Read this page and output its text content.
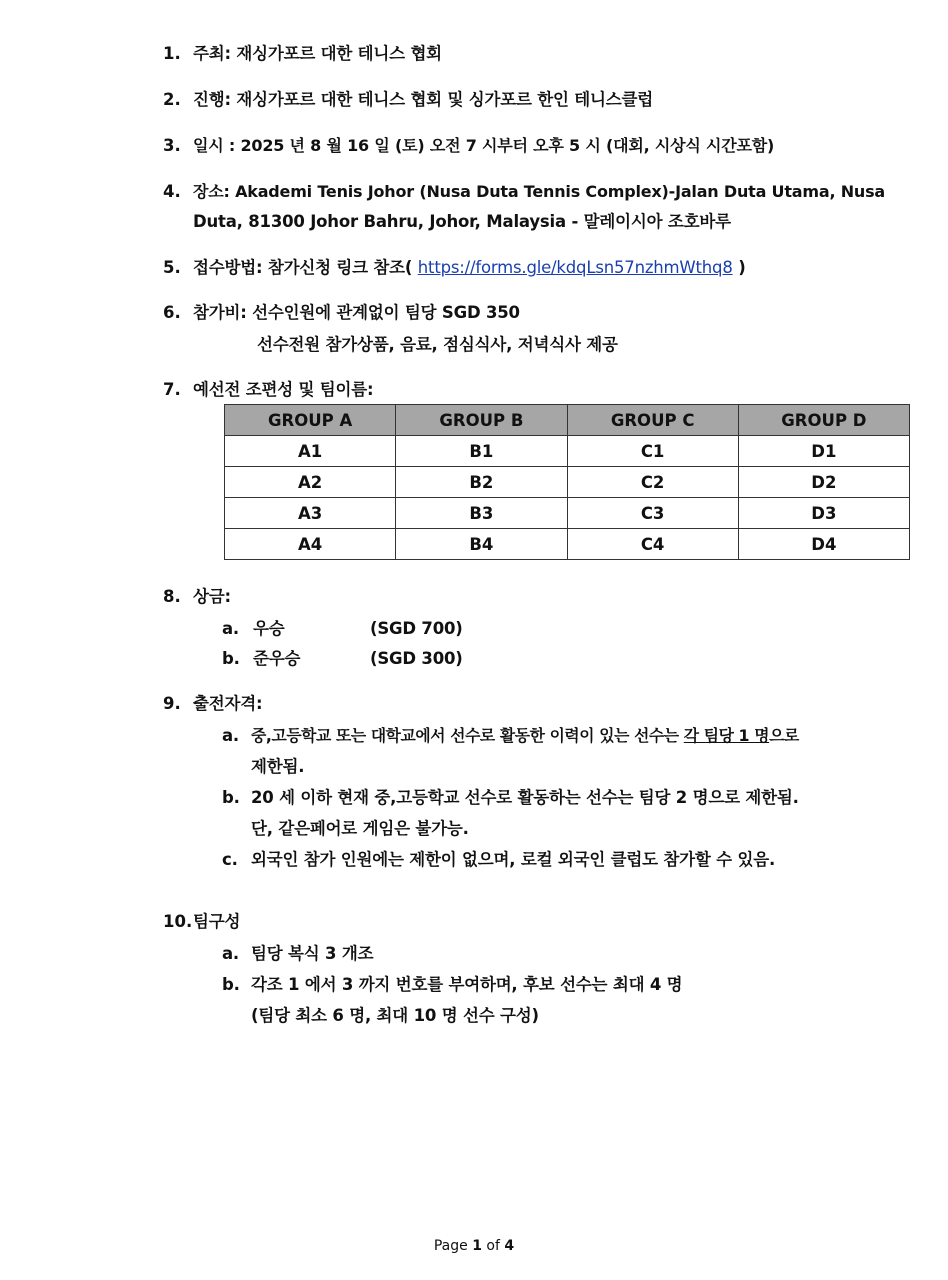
1. 주최: 재싱가포르 대한 테니스 협회
2. 진행: 재싱가포르 대한 테니스 협회 및 싱가포르 한인 테니스클럽
3. 일시 : 2025 년 8 월 16 일 (토) 오전 7 시부터 오후 5 시 (대회, 시상식 시간포함)
4. 장소: Akademi Tenis Johor (Nusa Duta Tennis Complex)-Jalan Duta Utama, Nusa
Duta, 81300 Johor Bahru, Johor, Malaysia - 말레이시아 조호바루
5. 접수방법: 참가신청 링크 참조( https://forms.gle/kdqLsn57nzhmWthq8 )
6. 참가비: 선수인원에 관계없이 팀당 SGD 350
선수전원 참가상품, 음료, 점심식사, 저녁식사 제공
7. 예선전 조편성 및 팀이름:
GROUP A	GROUP B	GROUP C	GROUP D
A1	B1	C1	D1
A2	B2	C2	D2
A3	B3	C3	D3
A4	B4	C4	D4
8. 상금:
a. 우승	(SGD 700)
b. 준우승	(SGD 300)
9. 출전자격:
a. 중,고등학교 또는 대학교에서 선수로 활동한 이력이 있는 선수는 각 팀당 1 명으로
제한됨.
b. 20 세 이하 현재 중,고등학교 선수로 활동하는 선수는 팀당 2 명으로 제한됨.
단, 같은페어로 게임은 불가능.
c. 외국인 참가 인원에는 제한이 없으며, 로컬 외국인 클럽도 참가할 수 있음.
10. 팀구성
a. 팀당 복식 3 개조
b. 각조 1 에서 3 까지 번호를 부여하며, 후보 선수는 최대 4 명
(팀당 최소 6 명, 최대 10 명 선수 구성)
Page 1 of 4
